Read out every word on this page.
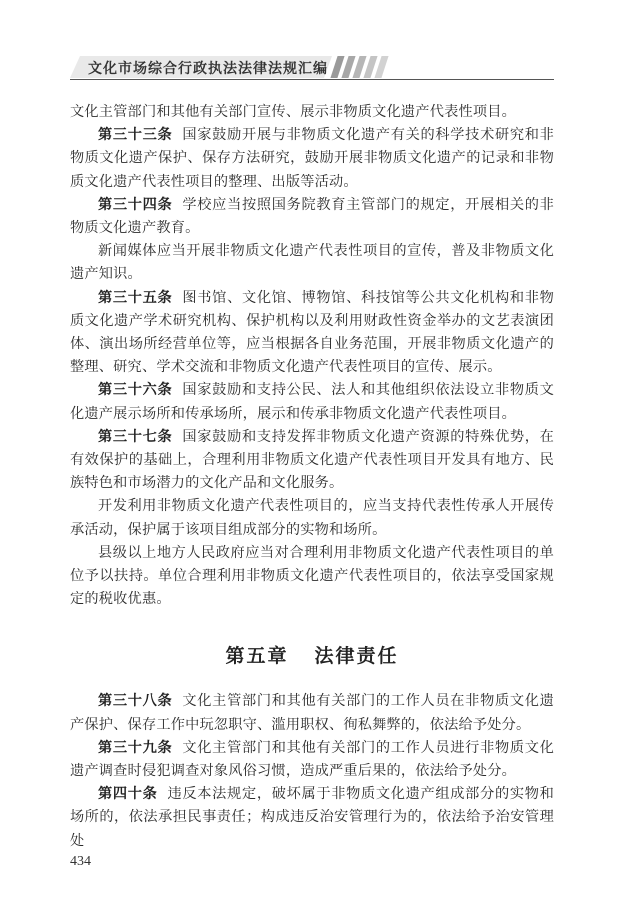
文化市场综合行政执法法律法规汇编

文化主管部门和其他有关部门宣传、展示非物质文化遗产代表性项目。

第三十三条 国家鼓励开展与非物质文化遗产有关的科学技术研究和非物质文化遗产保护、保存方法研究，鼓励开展非物质文化遗产的记录和非物质文化遗产代表性项目的整理、出版等活动。

第三十四条 学校应当按照国务院教育主管部门的规定，开展相关的非物质文化遗产教育。

新闻媒体应当开展非物质文化遗产代表性项目的宣传，普及非物质文化遗产知识。

第三十五条 图书馆、文化馆、博物馆、科技馆等公共文化机构和非物质文化遗产学术研究机构、保护机构以及利用财政性资金举办的文艺表演团体、演出场所经营单位等，应当根据各自业务范围，开展非物质文化遗产的整理、研究、学术交流和非物质文化遗产代表性项目的宣传、展示。

第三十六条 国家鼓励和支持公民、法人和其他组织依法设立非物质文化遗产展示场所和传承场所，展示和传承非物质文化遗产代表性项目。

第三十七条 国家鼓励和支持发挥非物质文化遗产资源的特殊优势，在有效保护的基础上，合理利用非物质文化遗产代表性项目开发具有地方、民族特色和市场潜力的文化产品和文化服务。

开发利用非物质文化遗产代表性项目的，应当支持代表性传承人开展传承活动，保护属于该项目组成部分的实物和场所。

县级以上地方人民政府应当对合理利用非物质文化遗产代表性项目的单位予以扶持。单位合理利用非物质文化遗产代表性项目的，依法享受国家规定的税收优惠。

第五章 法律责任

第三十八条 文化主管部门和其他有关部门的工作人员在非物质文化遗产保护、保存工作中玩忽职守、滥用职权、徇私舞弊的，依法给予处分。

第三十九条 文化主管部门和其他有关部门的工作人员进行非物质文化遗产调查时侵犯调查对象风俗习惯，造成严重后果的，依法给予处分。

第四十条 违反本法规定，破坏属于非物质文化遗产组成部分的实物和场所的，依法承担民事责任；构成违反治安管理行为的，依法给予治安管理处

434
